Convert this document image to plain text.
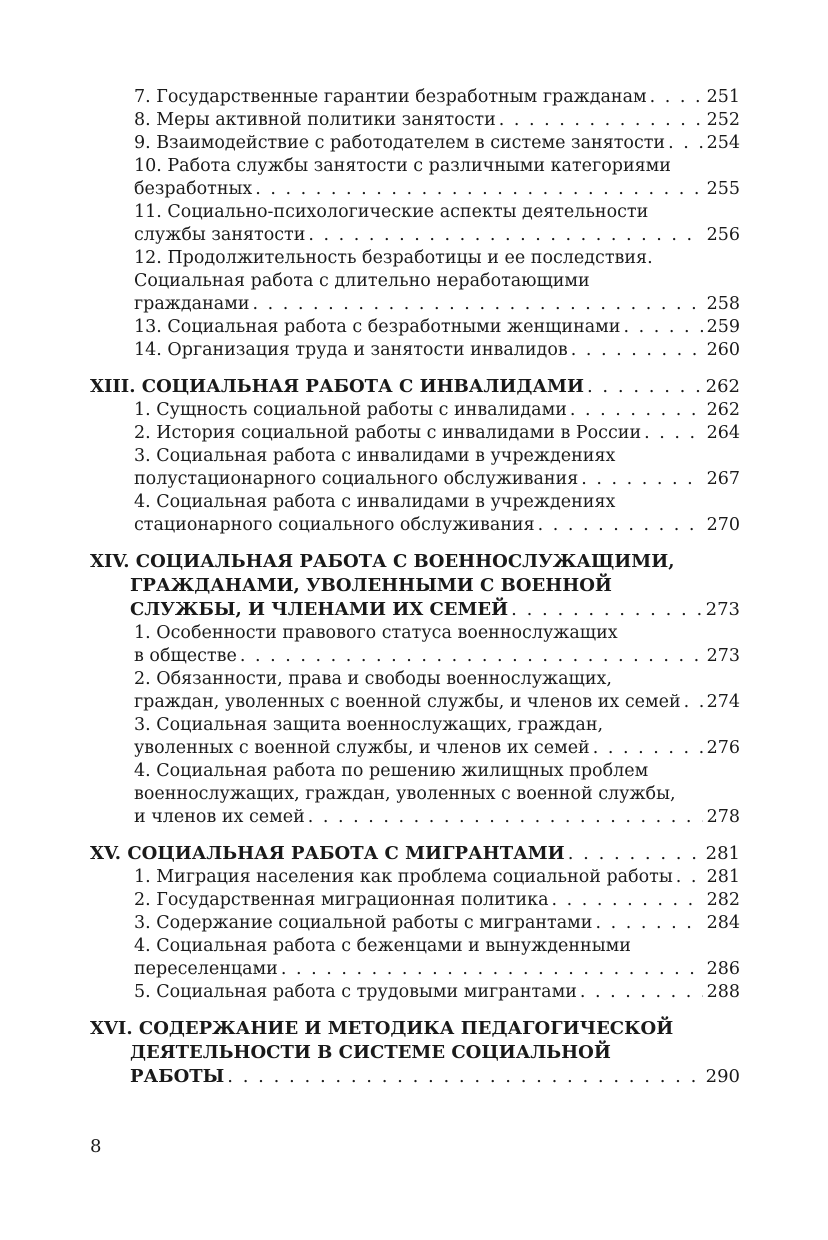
7. Государственные гарантии безработным гражданам . . .	251
8. Меры активной политики занятости . . .	252
9. Взаимодействие с работодателем в системе занятости . . . 254
10. Работа службы занятости с различными категориями
безработных . . .	255
11. Социально-психологические аспекты деятельности
службы занятости . . .	256
12. Продолжительность безработицы и ее последствия.
Социальная работа с длительно неработающими
гражданами . . .	258
13. Социальная работа с безработными женщинами . . .	259
14. Организация труда и занятости инвалидов . . .	260
XIII. СОЦИАЛЬНАЯ РАБОТА С ИНВАЛИДАМИ . . .	262
1. Сущность социальной работы с инвалидами . . .	262
2. История социальной работы с инвалидами в России . . .	264
3. Социальная работа с инвалидами в учреждениях
полустационарного социального обслуживания . . .	267
4. Социальная работа с инвалидами в учреждениях
стационарного социального обслуживания . . .	270
XIV. СОЦИАЛЬНАЯ РАБОТА С ВОЕННОСЛУЖАЩИМИ,
ГРАЖДАНАМИ, УВОЛЕННЫМИ С ВОЕННОЙ
СЛУЖБЫ, И ЧЛЕНАМИ ИХ СЕМЕЙ . . .	273
1. Особенности правового статуса военнослужащих
в обществе . . .	273
2. Обязанности, права и свободы военнослужащих,
граждан, уволенных с военной службы, и членов их семей . . . 274
3. Социальная защита военнослужащих, граждан,
уволенных с военной службы, и членов их семей . . .	276
4. Социальная работа по решению жилищных проблем
военнослужащих, граждан, уволенных с военной службы,
и членов их семей . . .	278
XV. СОЦИАЛЬНАЯ РАБОТА С МИГРАНТАМИ . . .	281
1. Миграция населения как проблема социальной работы . . . 281
2. Государственная миграционная политика . . .	282
3. Содержание социальной работы с мигрантами . . .	284
4. Социальная работа с беженцами и вынужденными
переселенцами . . .	286
5. Социальная работа с трудовыми мигрантами . . .	288
XVI. СОДЕРЖАНИЕ И МЕТОДИКА ПЕДАГОГИЧЕСКОЙ
ДЕЯТЕЛЬНОСТИ В СИСТЕМЕ СОЦИАЛЬНОЙ
РАБОТЫ . . .	290
8
